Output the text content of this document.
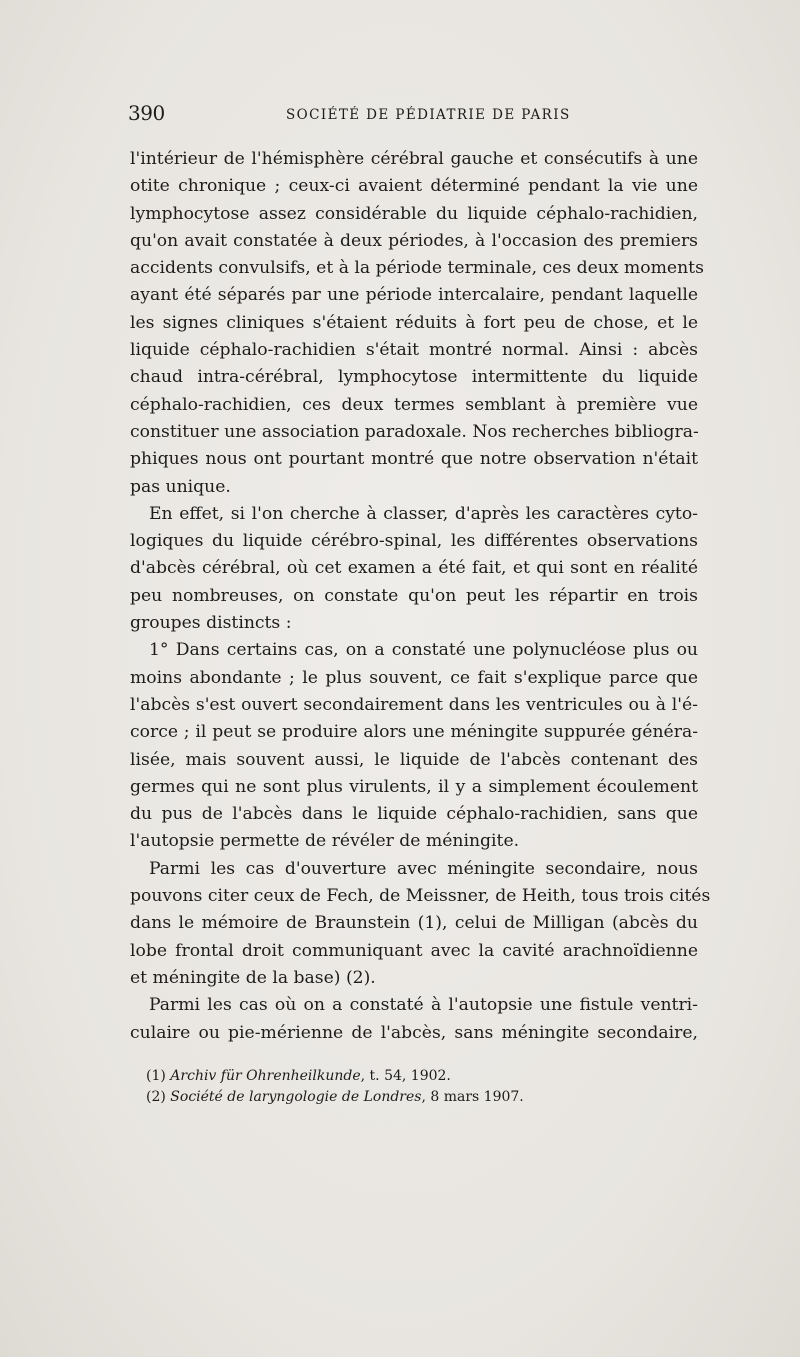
390	SOCIÉTÉ DE PÉDIATRIE DE PARIS
l'intérieur de l'hémisphère cérébral gauche et consécutifs à une
otite chronique ; ceux-ci avaient déterminé pendant la vie une
lymphocytose assez considérable du liquide céphalo-rachidien,
qu'on avait constatée à deux périodes, à l'occasion des premiers
accidents convulsifs, et à la période terminale, ces deux moments
ayant été séparés par une période intercalaire, pendant laquelle
les signes cliniques s'étaient réduits à fort peu de chose, et le
liquide céphalo-rachidien s'était montré normal. Ainsi : abcès
chaud intra-cérébral, lymphocytose intermittente du liquide
céphalo-rachidien, ces deux termes semblant à première vue
constituer une association paradoxale. Nos recherches bibliogra-
phiques nous ont pourtant montré que notre observation n'était
pas unique.
En effet, si l'on cherche à classer, d'après les caractères cyto-
logiques du liquide cérébro-spinal, les différentes observations
d'abcès cérébral, où cet examen a été fait, et qui sont en réalité
peu nombreuses, on constate qu'on peut les répartir en trois
groupes distincts :
1° Dans certains cas, on a constaté une polynucléose plus ou
moins abondante ; le plus souvent, ce fait s'explique parce que
l'abcès s'est ouvert secondairement dans les ventricules ou à l'é-
corce ; il peut se produire alors une méningite suppurée généra-
lisée, mais souvent aussi, le liquide de l'abcès contenant des
germes qui ne sont plus virulents, il y a simplement écoulement
du pus de l'abcès dans le liquide céphalo-rachidien, sans que
l'autopsie permette de révéler de méningite.
Parmi les cas d'ouverture avec méningite secondaire, nous
pouvons citer ceux de Fech, de Meissner, de Heith, tous trois cités
dans le mémoire de Braunstein (1), celui de Milligan (abcès du
lobe frontal droit communiquant avec la cavité arachnoïdienne
et méningite de la base) (2).
Parmi les cas où on a constaté à l'autopsie une fistule ventri-
culaire ou pie-mérienne de l'abcès, sans méningite secondaire,
(1) Archiv für Ohrenheilkunde, t. 54, 1902.
(2) Société de laryngologie de Londres, 8 mars 1907.
